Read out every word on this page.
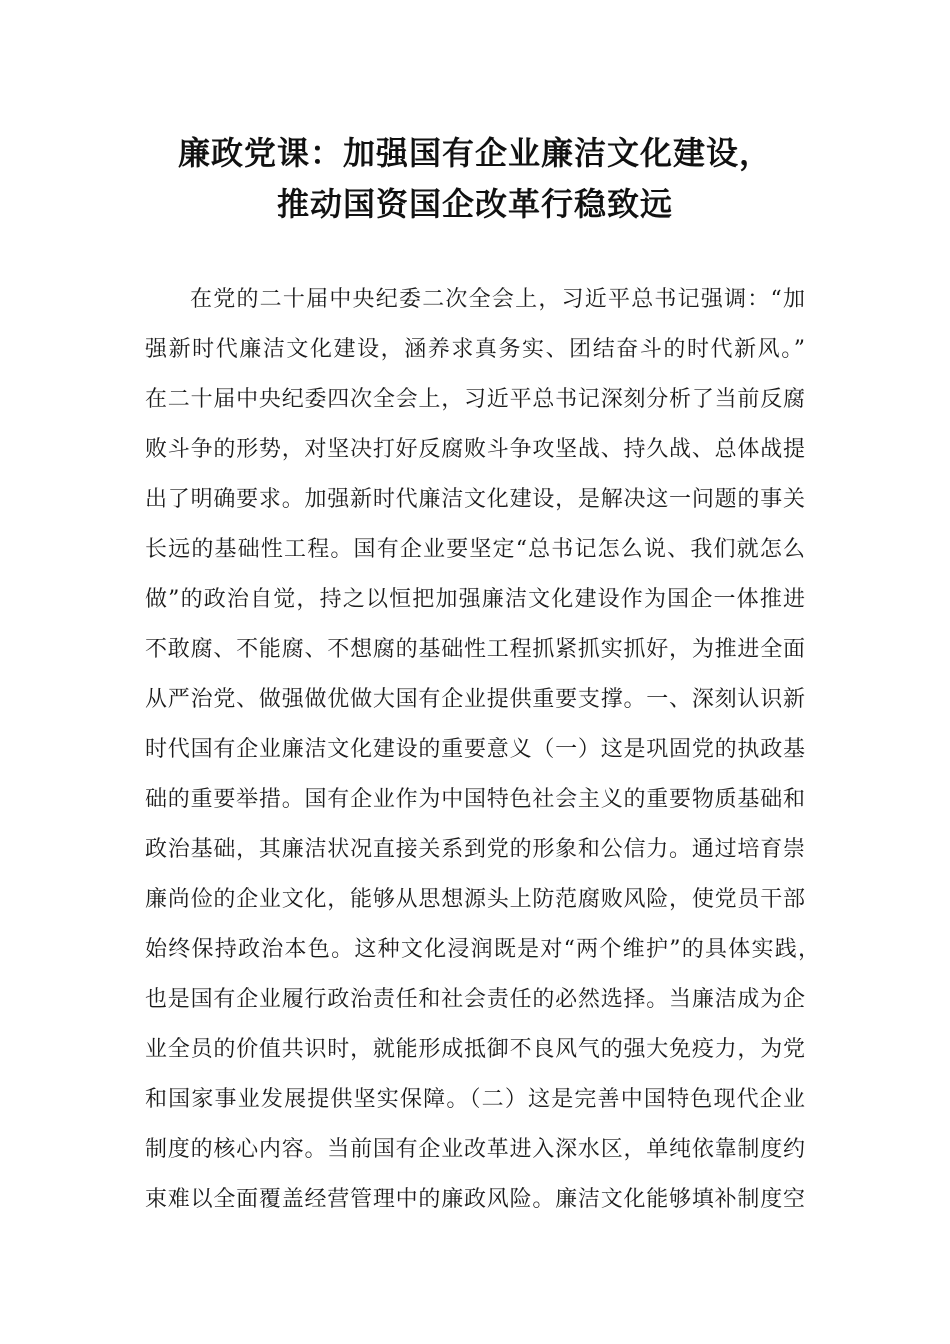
廉政党课：加强国有企业廉洁文化建设，
推动国资国企改革行稳致远
在党的二十届中央纪委二次全会上，习近平总书记强调：“加
强新时代廉洁文化建设，涵养求真务实、团结奋斗的时代新风。”
在二十届中央纪委四次全会上，习近平总书记深刻分析了当前反腐
败斗争的形势，对坚决打好反腐败斗争攻坚战、持久战、总体战提
出了明确要求。加强新时代廉洁文化建设，是解决这一问题的事关
长远的基础性工程。国有企业要坚定“总书记怎么说、我们就怎么
做”的政治自觉，持之以恒把加强廉洁文化建设作为国企一体推进
不敢腐、不能腐、不想腐的基础性工程抓紧抓实抓好，为推进全面
从严治党、做强做优做大国有企业提供重要支撑。一、深刻认识新
时代国有企业廉洁文化建设的重要意义（一）这是巩固党的执政基
础的重要举措。国有企业作为中国特色社会主义的重要物质基础和
政治基础，其廉洁状况直接关系到党的形象和公信力。通过培育崇
廉尚俭的企业文化，能够从思想源头上防范腐败风险，使党员干部
始终保持政治本色。这种文化浸润既是对“两个维护”的具体实践，
也是国有企业履行政治责任和社会责任的必然选择。当廉洁成为企
业全员的价值共识时，就能形成抵御不良风气的强大免疫力，为党
和国家事业发展提供坚实保障。（二）这是完善中国特色现代企业
制度的核心内容。当前国有企业改革进入深水区，单纯依靠制度约
束难以全面覆盖经营管理中的廉政风险。廉洁文化能够填补制度空
